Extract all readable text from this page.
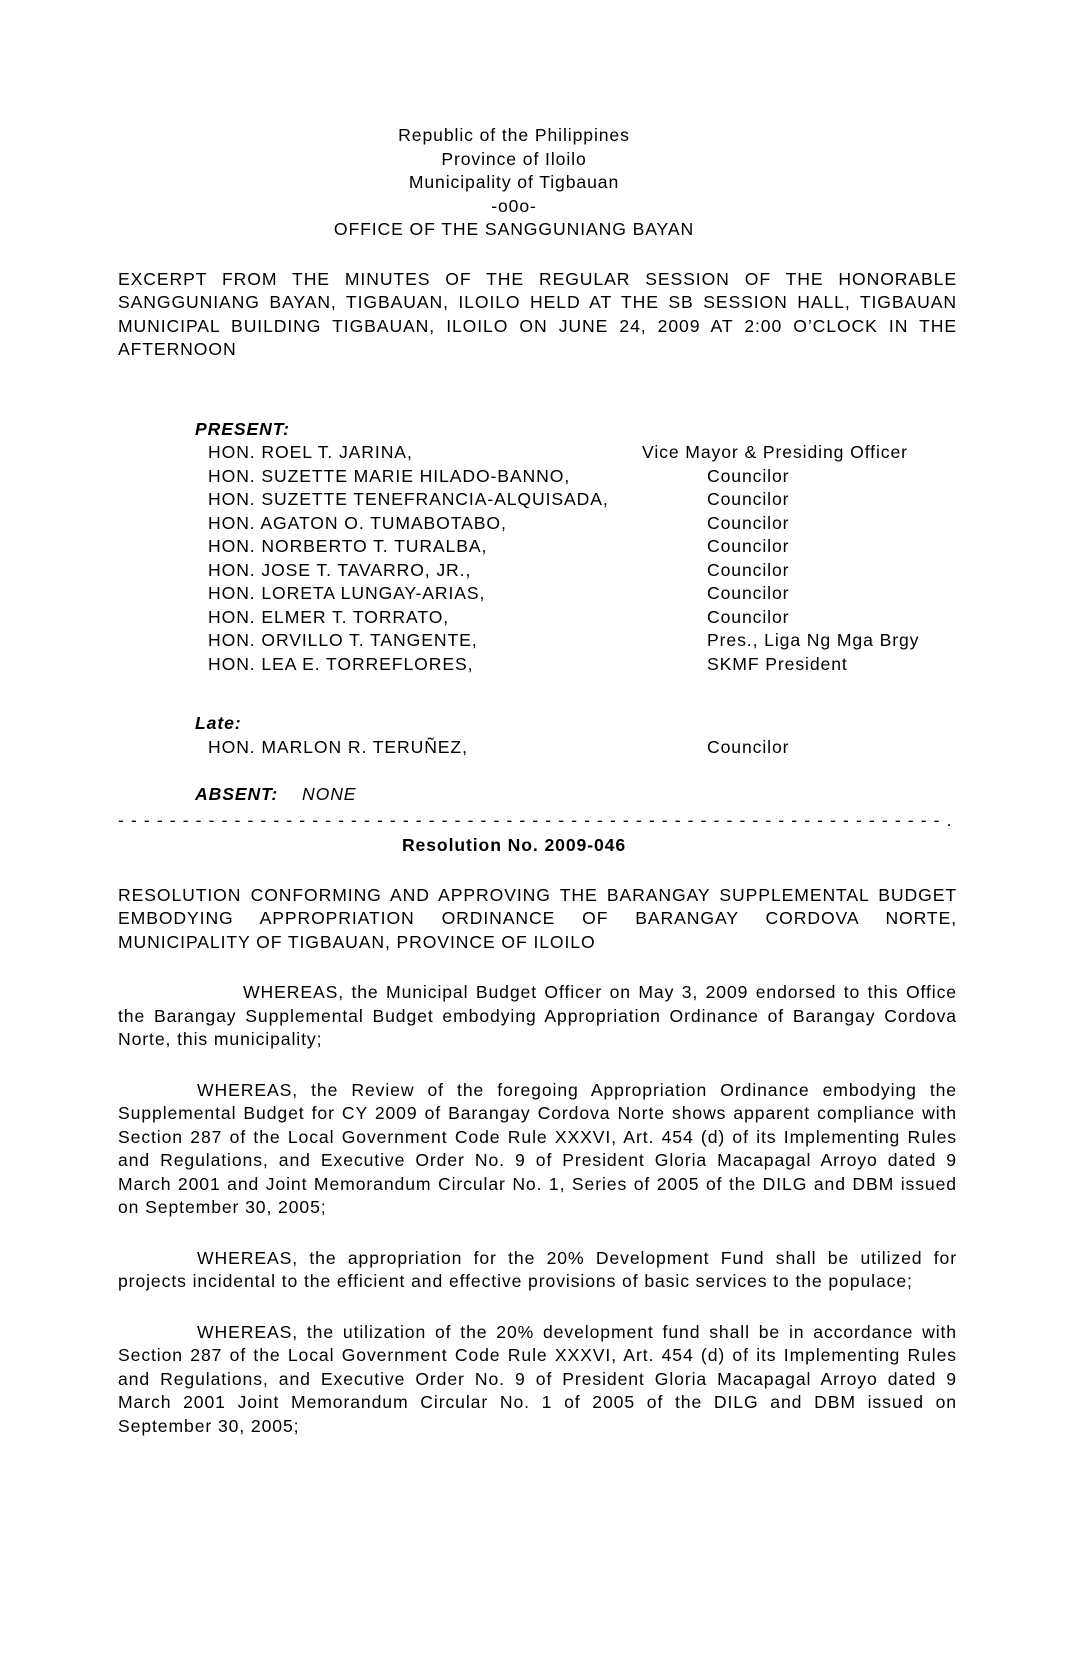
Republic of the Philippines
Province of Iloilo
Municipality of Tigbauan
-o0o-
OFFICE OF THE SANGGUNIANG BAYAN
EXCERPT FROM THE MINUTES OF THE REGULAR SESSION OF THE HONORABLE SANGGUNIANG BAYAN, TIGBAUAN, ILOILO HELD AT THE SB SESSION HALL, TIGBAUAN MUNICIPAL BUILDING TIGBAUAN, ILOILO ON JUNE 24, 2009 AT 2:00 O’CLOCK IN THE AFTERNOON
PRESENT:
HON. ROEL T. JARINA,	Vice Mayor & Presiding Officer
HON. SUZETTE MARIE HILADO-BANNO,	Councilor
HON. SUZETTE TENEFRANCIA-ALQUISADA,	Councilor
HON. AGATON O. TUMABOTABO,	Councilor
HON. NORBERTO T. TURALBA,	Councilor
HON. JOSE T. TAVARRO, JR.,	Councilor
HON. LORETA LUNGAY-ARIAS,	Councilor
HON. ELMER T. TORRATO,	Councilor
HON. ORVILLO T. TANGENTE,	Pres., Liga Ng Mga Brgy
HON. LEA E. TORREFLORES,	SKMF President
Late:
HON. MARLON R. TERUÑEZ,	Councilor
ABSENT: NONE
- - - - - - - - - - - - - - - - - - - - - - - - - - - - - - - - - - - - - - - - - - - - - - - - - - - - - - - - - - - - - - - - .
Resolution No. 2009-046
RESOLUTION CONFORMING AND APPROVING THE BARANGAY SUPPLEMENTAL BUDGET EMBODYING APPROPRIATION ORDINANCE OF BARANGAY CORDOVA NORTE, MUNICIPALITY OF TIGBAUAN, PROVINCE OF ILOILO
WHEREAS, the Municipal Budget Officer on May 3, 2009 endorsed to this Office the Barangay Supplemental Budget embodying Appropriation Ordinance of Barangay Cordova Norte, this municipality;
WHEREAS, the Review of the foregoing Appropriation Ordinance embodying the Supplemental Budget for CY 2009 of Barangay Cordova Norte shows apparent compliance with Section 287 of the Local Government Code Rule XXXVI, Art. 454 (d) of its Implementing Rules and Regulations, and Executive Order No. 9 of President Gloria Macapagal Arroyo dated 9 March 2001 and Joint Memorandum Circular No. 1, Series of 2005 of the DILG and DBM issued on September 30, 2005;
WHEREAS, the appropriation for the 20% Development Fund shall be utilized for projects incidental to the efficient and effective provisions of basic services to the populace;
WHEREAS, the utilization of the 20% development fund shall be in accordance with Section 287 of the Local Government Code Rule XXXVI, Art. 454 (d) of its Implementing Rules and Regulations, and Executive Order No. 9 of President Gloria Macapagal Arroyo dated 9 March 2001 Joint Memorandum Circular No. 1 of 2005 of the DILG and DBM issued on September 30, 2005;
